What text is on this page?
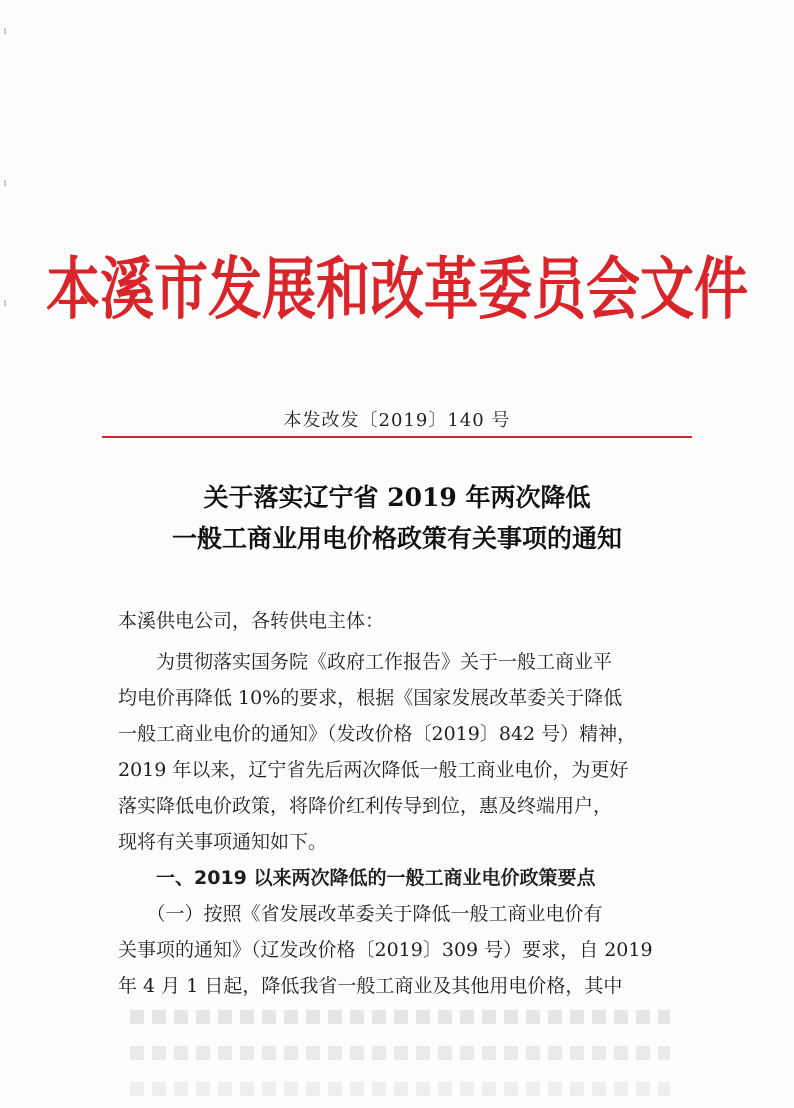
本溪市发展和改革委员会文件
本发改发〔2019〕140 号
关于落实辽宁省 2019 年两次降低
一般工商业用电价格政策有关事项的通知
本溪供电公司，各转供电主体：
　　为贯彻落实国务院《政府工作报告》关于一般工商业平
均电价再降低 10%的要求，根据《国家发展改革委关于降低
一般工商业电价的通知》（发改价格〔2019〕842 号）精神，
2019 年以来，辽宁省先后两次降低一般工商业电价，为更好
落实降低电价政策，将降价红利传导到位，惠及终端用户，
现将有关事项通知如下。
　　一、2019 以来两次降低的一般工商业电价政策要点
　　（一）按照《省发展改革委关于降低一般工商业电价有
关事项的通知》（辽发改价格〔2019〕309 号）要求，自 2019
年 4 月 1 日起，降低我省一般工商业及其他用电价格，其中
